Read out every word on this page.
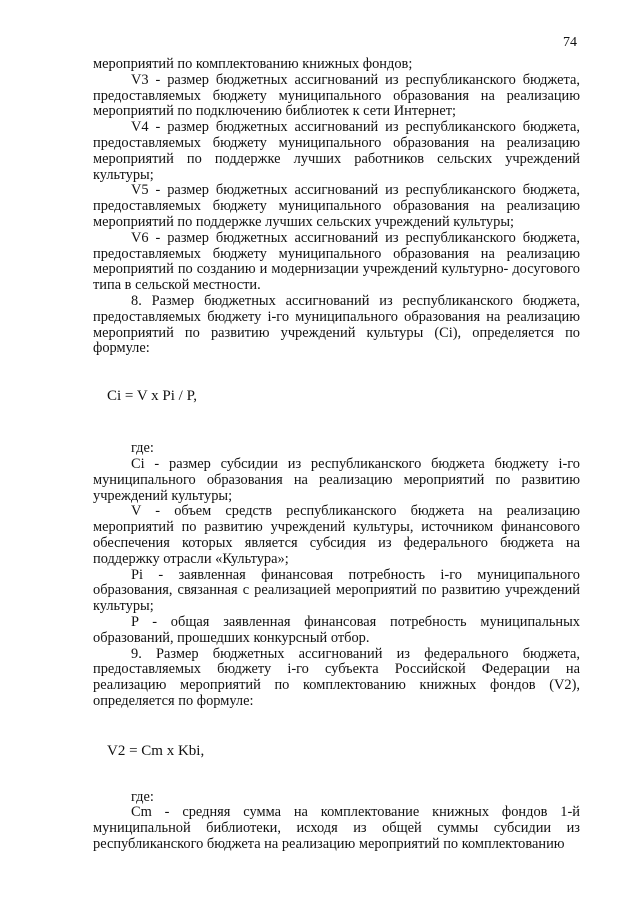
74

мероприятий по комплектованию книжных фондов;

V3 - размер бюджетных ассигнований из республиканского бюджета, предоставляемых бюджету муниципального образования на реализацию мероприятий по подключению библиотек к сети Интернет;

V4 - размер бюджетных ассигнований из республиканского бюджета, предоставляемых бюджету муниципального образования на реализацию мероприятий по поддержке лучших работников сельских учреждений культуры;

V5 - размер бюджетных ассигнований из республиканского бюджета, предоставляемых бюджету муниципального образования на реализацию мероприятий по поддержке лучших сельских учреждений культуры;

V6 - размер бюджетных ассигнований из республиканского бюджета, предоставляемых бюджету муниципального образования на реализацию мероприятий по созданию и модернизации учреждений культурно- досугового типа в сельской местности.

8. Размер бюджетных ассигнований из республиканского бюджета, предоставляемых бюджету i-го муниципального образования на реализацию мероприятий по развитию учреждений культуры (Ci), определяется по формуле:

Ci = V x Pi / P,

где:

Ci - размер субсидии из республиканского бюджета бюджету i-го муниципального образования на реализацию мероприятий по развитию учреждений культуры;

V - объем средств республиканского бюджета на реализацию мероприятий по развитию учреждений культуры, источником финансового обеспечения которых является субсидия из федерального бюджета на поддержку отрасли «Культура»;

Pi - заявленная финансовая потребность i-го муниципального образования, связанная с реализацией мероприятий по развитию учреждений культуры;

P - общая заявленная финансовая потребность муниципальных образований, прошедших конкурсный отбор.

9. Размер бюджетных ассигнований из федерального бюджета, предоставляемых бюджету i-го субъекта Российской Федерации на реализацию мероприятий по комплектованию книжных фондов (V2), определяется по формуле:

V2 = Cm x Kbi,

где:

Cm - средняя сумма на комплектование книжных фондов 1-й муниципальной библиотеки, исходя из общей суммы субсидии из республиканского бюджета на реализацию мероприятий по комплектованию
